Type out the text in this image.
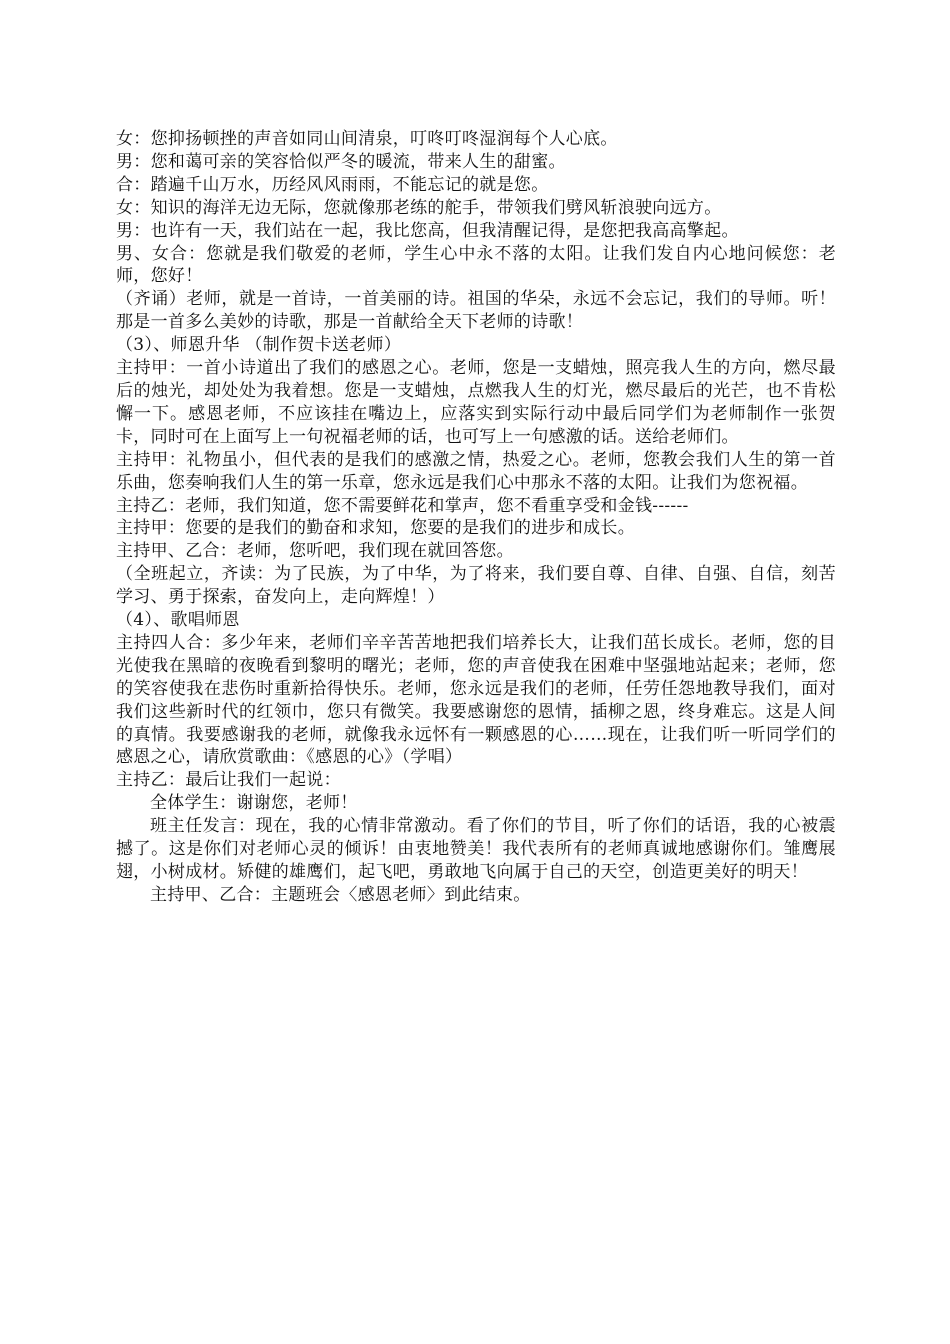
女：您抑扬顿挫的声音如同山间清泉，叮咚叮咚湿润每个人心底。

男：您和蔼可亲的笑容恰似严冬的暖流，带来人生的甜蜜。

合：踏遍千山万水，历经风风雨雨，不能忘记的就是您。

女：知识的海洋无边无际，您就像那老练的舵手，带领我们劈风斩浪驶向远方。

男：也许有一天，我们站在一起，我比您高，但我清醒记得，是您把我高高擎起。

男、女合：您就是我们敬爱的老师，学生心中永不落的太阳。让我们发自内心地问候您：老师，您好！

（齐诵）老师，就是一首诗，一首美丽的诗。祖国的华朵，永远不会忘记，我们的导师。听！那是一首多么美妙的诗歌，那是一首献给全天下老师的诗歌！

（3）、师恩升华 （制作贺卡送老师）

主持甲：一首小诗道出了我们的感恩之心。老师，您是一支蜡烛，照亮我人生的方向，燃尽最后的烛光，却处处为我着想。您是一支蜡烛，点燃我人生的灯光，燃尽最后的光芒，也不肯松懈一下。感恩老师，不应该挂在嘴边上，应落实到实际行动中最后同学们为老师制作一张贺卡，同时可在上面写上一句祝福老师的话，也可写上一句感激的话。送给老师们。

主持甲：礼物虽小，但代表的是我们的感激之情，热爱之心。老师，您教会我们人生的第一首乐曲，您奏响我们人生的第一乐章，您永远是我们心中那永不落的太阳。让我们为您祝福。

主持乙：老师，我们知道，您不需要鲜花和掌声，您不看重享受和金钱------

主持甲：您要的是我们的勤奋和求知，您要的是我们的进步和成长。

主持甲、乙合：老师，您听吧，我们现在就回答您。

（全班起立，齐读：为了民族，为了中华，为了将来，我们要自尊、自律、自强、自信，刻苦学习、勇于探索，奋发向上，走向辉煌！）

（4）、歌唱师恩

主持四人合：多少年来，老师们辛辛苦苦地把我们培养长大，让我们茁长成长。老师，您的目光使我在黑暗的夜晚看到黎明的曙光；老师，您的声音使我在困难中坚强地站起来；老师，您的笑容使我在悲伤时重新拾得快乐。老师，您永远是我们的老师，任劳任怨地教导我们，面对我们这些新时代的红领巾，您只有微笑。我要感谢您的恩情，插柳之恩，终身难忘。这是人间的真情。我要感谢我的老师，就像我永远怀有一颗感恩的心……现在，让我们听一听同学们的感恩之心，请欣赏歌曲：《感恩的心》（学唱）

主持乙：最后让我们一起说：

全体学生：谢谢您，老师！

班主任发言：现在，我的心情非常激动。看了你们的节目，听了你们的话语，我的心被震撼了。这是你们对老师心灵的倾诉！由衷地赞美！我代表所有的老师真诚地感谢你们。雏鹰展翅，小树成材。矫健的雄鹰们，起飞吧，勇敢地飞向属于自己的天空，创造更美好的明天！

主持甲、乙合：主题班会〈感恩老师〉到此结束。
